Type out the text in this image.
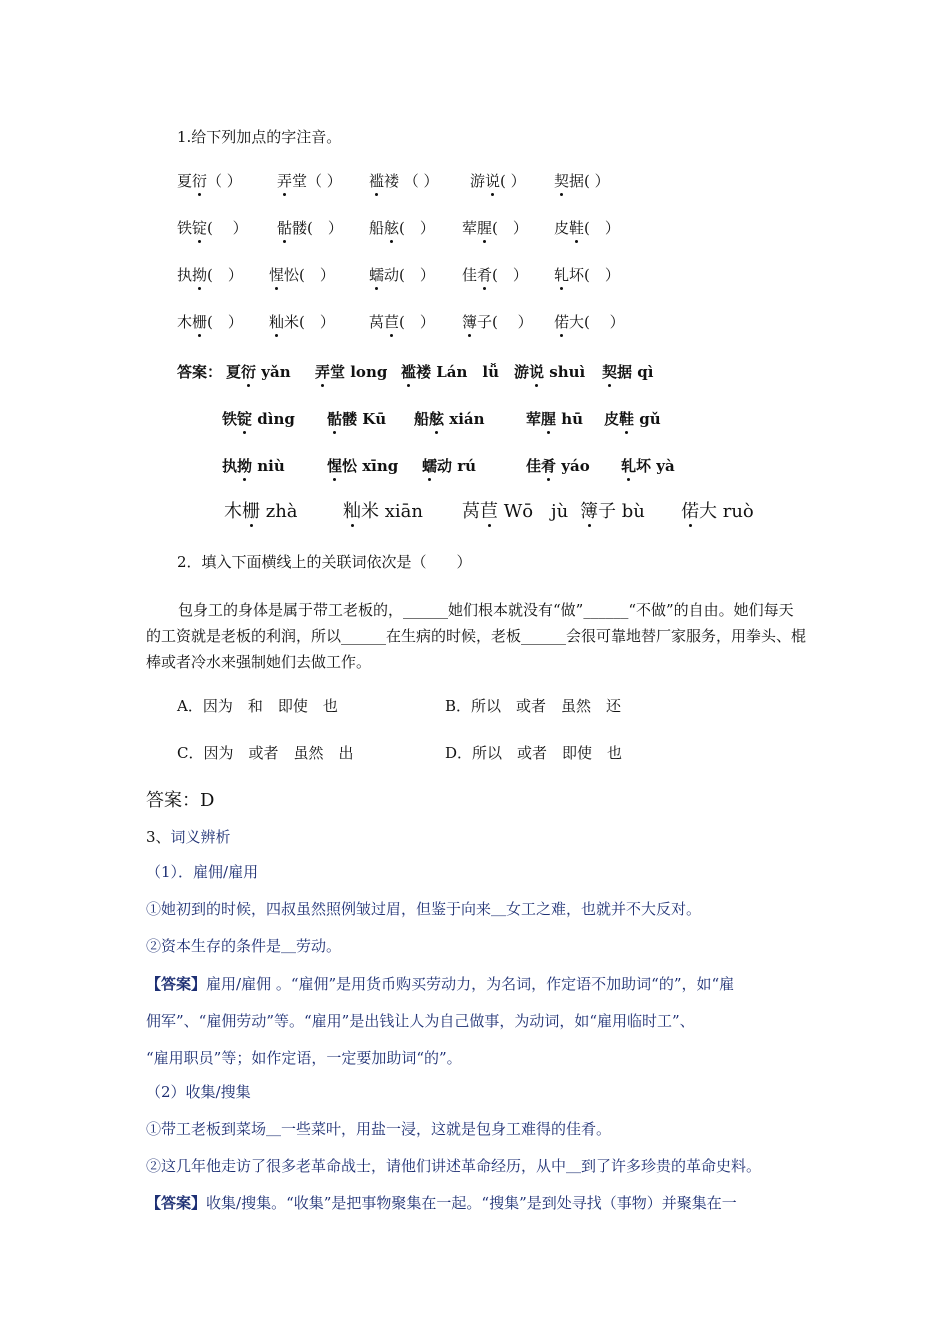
1.给下列加点的字注音。
夏衍（ ） 弄堂（ ） 褴褛 （ ） 游说( ） 契据( ）
铁锭(　 ） 骷髅(　） 船舷(　） 荤腥(　） 皮鞋(　）
执拗(　） 惺忪(　） 蠕动(　） 佳肴(　） 轧坏(　）
木栅(　） 籼米(　） 莴苣(　） 簿子(　 ） 偌大(　 ）
答案： 夏衍 yǎn 弄堂 long 褴褛 Lán　lǚ 游说 shuì 契据 qì
铁锭 dìng 骷髅 Kū 船舷 xián	荤腥 hū 皮鞋 gǔ
执拗 niù	惺忪 xīng 蠕动 rú	佳肴 yáo 轧坏 yà
木栅 zhà	籼米 xiān 莴苣 Wō　jù 簿子 bù 偌大 ruò
2．填入下面横线上的关联词依次是（　　）
包身工的身体是属于带工老板的，______她们根本就没有“做”______“不做”的自由。她们每天的工资就是老板的利润，所以______在生病的时候，老板______会很可靠地替厂家服务，用拳头、棍棒或者冷水来强制她们去做工作。
A．因为　和　即使　也	B．所以　或者　虽然　还
C．因为　或者　虽然　出	D．所以　或者　即使　也
答案：D
3、词义辨析
（1）．雇佣/雇用
①她初到的时候，四叔虽然照例皱过眉，但鉴于向来＿女工之难，也就并不大反对。
②资本生存的条件是＿劳动。
【答案】雇用/雇佣 。“雇佣”是用货币购买劳动力，为名词，作定语不加助词“的”，如“雇
佣军”、“雇佣劳动”等。“雇用”是出钱让人为自己做事，为动词，如“雇用临时工”、
“雇用职员”等；如作定语，一定要加助词“的”。
（2）收集/搜集
①带工老板到菜场＿一些菜叶，用盐一浸，这就是包身工难得的佳肴。
②这几年他走访了很多老革命战士，请他们讲述革命经历，从中＿到了许多珍贵的革命史料。
【答案】收集/搜集。“收集”是把事物聚集在一起。“搜集”是到处寻找（事物）并聚集在一
